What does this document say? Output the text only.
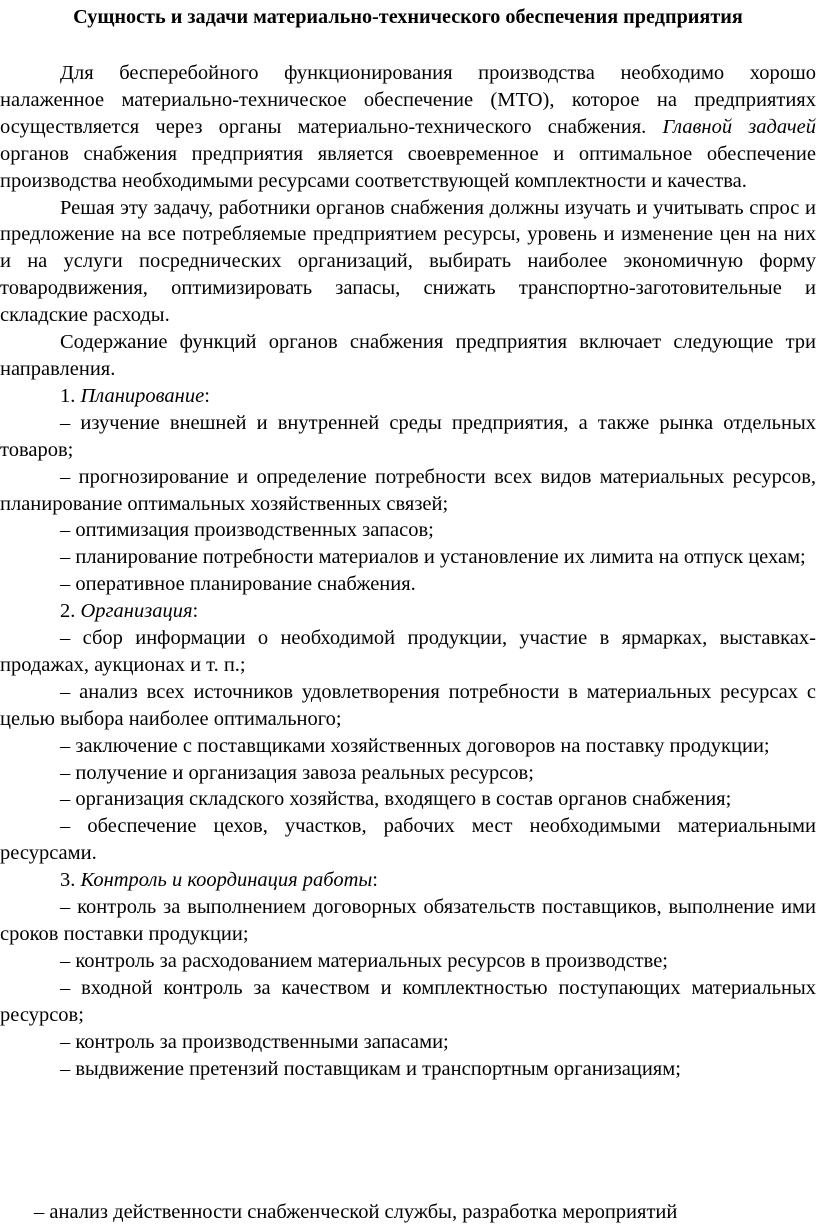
Сущность и задачи материально-технического обеспечения предприятия

Для бесперебойного функционирования производства необходимо хорошо налаженное материально-техническое обеспечение (МТО), которое на предприятиях осуществляется через органы материально-технического снабжения. Главной задачей органов снабжения предприятия является своевременное и оптимальное обеспечение производства необходимыми ресурсами соответствующей комплектности и качества.

Решая эту задачу, работники органов снабжения должны изучать и учитывать спрос и предложение на все потребляемые предприятием ресурсы, уровень и изменение цен на них и на услуги посреднических организаций, выбирать наиболее экономичную форму товародвижения, оптимизировать запасы, снижать транспортно-заготовительные и складские расходы.

Содержание функций органов снабжения предприятия включает следующие три направления.

1. Планирование:

– изучение внешней и внутренней среды предприятия, а также рынка отдельных товаров;

– прогнозирование и определение потребности всех видов материальных ресурсов, планирование оптимальных хозяйственных связей;

– оптимизация производственных запасов;

– планирование потребности материалов и установление их лимита на отпуск цехам;

– оперативное планирование снабжения.

2. Организация:

– сбор информации о необходимой продукции, участие в ярмарках, выставках-продажах, аукционах и т. п.;

– анализ всех источников удовлетворения потребности в материальных ресурсах с целью выбора наиболее оптимального;

– заключение с поставщиками хозяйственных договоров на поставку продукции;

– получение и организация завоза реальных ресурсов;

– организация складского хозяйства, входящего в состав органов снабжения;

– обеспечение цехов, участков, рабочих мест необходимыми материальными ресурсами.

3. Контроль и координация работы:

– контроль за выполнением договорных обязательств поставщиков, выполнение ими сроков поставки продукции;

– контроль за расходованием материальных ресурсов в производстве;

– входной контроль за качеством и комплектностью поступающих материальных ресурсов;

– контроль за производственными запасами;

– выдвижение претензий поставщикам и транспортным организациям;

– анализ действенности снабженческой службы, разработка мероприятий
